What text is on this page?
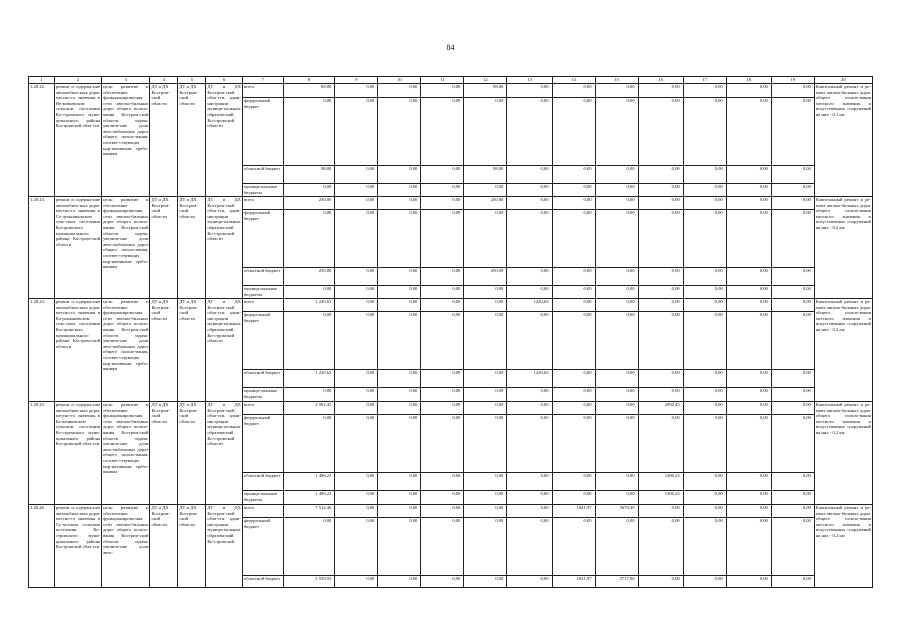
84
1	2	3	4	5	6	7	8	9	10	11	12	13	14	15	16	17	18	19	20
1.28.22.	ремонт и содержа-ние автомобиль-ных дорог местно-го значения в Не-ковьевском сельском поселении Ко-стромского муни-ципального района Костромской обла-сти	цель: развитие и обеспечение функционирова-ния сети автомо-бильных дорог общего пользо-вания Костром-ской области задача: увеличе-ние доли авто-мобильных дорог общего пользо-вания, соответ-ствующих нор-мативным требо-ваниям	ДТ и ДХ Костром-ской области	ДТ и ДХ Костром-ской области	ДТ и ДХ Костром-ской обла-сти, адми-нистрации муници-пальных образова-ний Ко-стромской области	всего	98,00	0,00	0,00	0,00	98,00	0,00	0,00	0,00	0,00	0,00	0,00	0,00	Капитальный ремонт и ре-монт автомо-бильных дорог общего пользо-вания местного значения и искусственных сооружений на них - 0,1 км
						федеральный бюджет	0,00	0,00	0,00	0,00	0,00	0,00	0,00	0,00	0,00	0,00	0,00	0,00	
						областной бюджет	98,00	0,00	0,00	0,00	98,00	0,00	0,00	0,00	0,00	0,00	0,00	0,00	
						муници-пальные бюджеты	0,00	0,00	0,00	0,00	0,00	0,00	0,00	0,00	0,00	0,00	0,00	0,00	
1.28.23.	ремонт и содержа-ние автомобиль-ных дорог местно-го значения в Се-дельниковском сель-ском поселении Костромского муниципального района Костром-ской области	цель: развитие и обеспечение функционирова-ния сети автомо-бильных дорог общего пользо-вания Костром-ской области задача: увеличе-ние доли авто-мобильных дорог общего пользо-вания, соответ-ствующих нор-мативным требо-ваниям	ДТ и ДХ Костром-ской области	ДТ и ДХ Костром-ской области	ДТ и ДХ Костром-ской обла-сти, адми-нистрации муници-пальных образова-ний Ко-стромской области	всего	250,00	0,00	0,00	0,00	250,00	0,00	0,00	0,00	0,00	0,00	0,00	0,00	Капитальный ремонт и ре-монт автомо-бильных дорог общего пользо-вания местного значения и искусственных сооружений на них - 0,2 км
						федеральный бюджет	0,00	0,00	0,00	0,00	0,00	0,00	0,00	0,00	0,00	0,00	0,00	0,00	
						областной бюджет	250,00	0,00	0,00	0,00	250,00	0,00	0,00	0,00	0,00	0,00	0,00	0,00	
						муници-пальные бюджеты	0,00	0,00	0,00	0,00	0,00	0,00	0,00	0,00	0,00	0,00	0,00	0,00	
1.28.24.	ремонт и содержа-ние автомобиль-ных дорог местно-го значения в Ка-рамышевском сель-ском поселении Костромского муниципального района Костром-ской области	цель: развитие и обеспечение функционирова-ния сети автомо-бильных дорог общего пользо-вания Костром-ской области задача: увеличе-ние доли авто-мобильных дорог общего пользо-вания, соответ-ствующих нор-мативным требо-ваниям	ДТ и ДХ Костром-ской области	ДТ и ДХ Костром-ской области	ДТ и ДХ Костром-ской обла-сти, адми-нистрации муници-пальных образова-ний Ко-стромской области	всего	1 220,63	0,00	0,00	0,00	0,00	1220,63	0,00	0,00	0,00	0,00	0,00	0,00	Капитальный ремонт и ре-монт автомо-бильных дорог общего пользо-вания местного значения и искусственных сооружений на них - 0,2 км
						федеральный бюджет	0,00	0,00	0,00	0,00	0,00	0,00	0,00	0,00	0,00	0,00	0,00	0,00	
						областной бюджет	1 220,63	0,00	0,00	0,00	0,00	1220,63	0,00	0,00	0,00	0,00	0,00	0,00	
						муници-пальные бюджеты	0,00	0,00	0,00	0,00	0,00	0,00	0,00	0,00	0,00	0,00	0,00	0,00	
1.28.25.	ремонт и содержа-ние автомобиль-ных дорог местно-го значения в Ба-шенковском сельском поселении Ко-стромского муни-ципального района Костромской обла-сти	цель: развитие и обеспечение функционирова-ния сети автомо-бильных дорог общего пользо-вания Костром-ской области задача: увеличе-ние доли авто-мобильных дорог общего пользо-вания, соответ-ствующих нор-мативным требо-ваниям	ДТ и ДХ Костром-ской области	ДТ и ДХ Костром-ской области	ДТ и ДХ Костром-ской обла-сти, адми-нистрации муници-пальных образова-ний Ко-стромской области	всего	2 992,45	0,00	0,00	0,00	0,00	0,00	0,00	0,00	2992,45	0,00	0,00	0,00	Капитальный ремонт и ре-монт автомо-бильных дорог общего пользо-вания местного значения и искусственных сооружений на них - 0,2 км
						федеральный бюджет	0,00	0,00	0,00	0,00	0,00	0,00	0,00	0,00	0,00	0,00	0,00	0,00	
						областной бюджет	1 496,23	0,00	0,00	0,00	0,00	0,00	0,00	0,00	1496,23	0,00	0,00	0,00	
						муници-пальные бюджеты	1 496,23	0,00	0,00	0,00	0,00	0,00	0,00	0,00	1496,23	0,00	0,00	0,00	
1.28.26.	ремонт и содержа-ние автомобиль-ных дорог местно-го значения в Су-залском сельском поселении Ко-стромского муни-ципального района Костромской обла-сти	цель: развитие и обеспечение функционирова-ния сети автомо-бильных дорог общего пользо-вания Костром-ской области задача: увеличе-ние доли авто-	ДТ и ДХ Костром-ской области	ДТ и ДХ Костром-ской области	ДТ и ДХ Костром-ской обла-сти, адми-нистрации муници-пальных образова-ний Ко-стромской	всего	7 512,46	0,00	0,00	0,00	0,00	0,00	1841,97	5670,49	0,00	0,00	0,00	0,00	Капитальный ремонт и ре-монт автомо-бильных дорог общего пользо-вания местного значения и искусственных сооружений на них - 0,2 км
						федеральный бюджет	0,00	0,00	0,00	0,00	0,00	0,00	0,00	0,00	0,00	0,00	0,00	0,00	
						областной бюджет	5 559,93	0,00	0,00	0,00	0,00	0,00	1841,97	3717,96	0,00	0,00	0,00	0,00	
